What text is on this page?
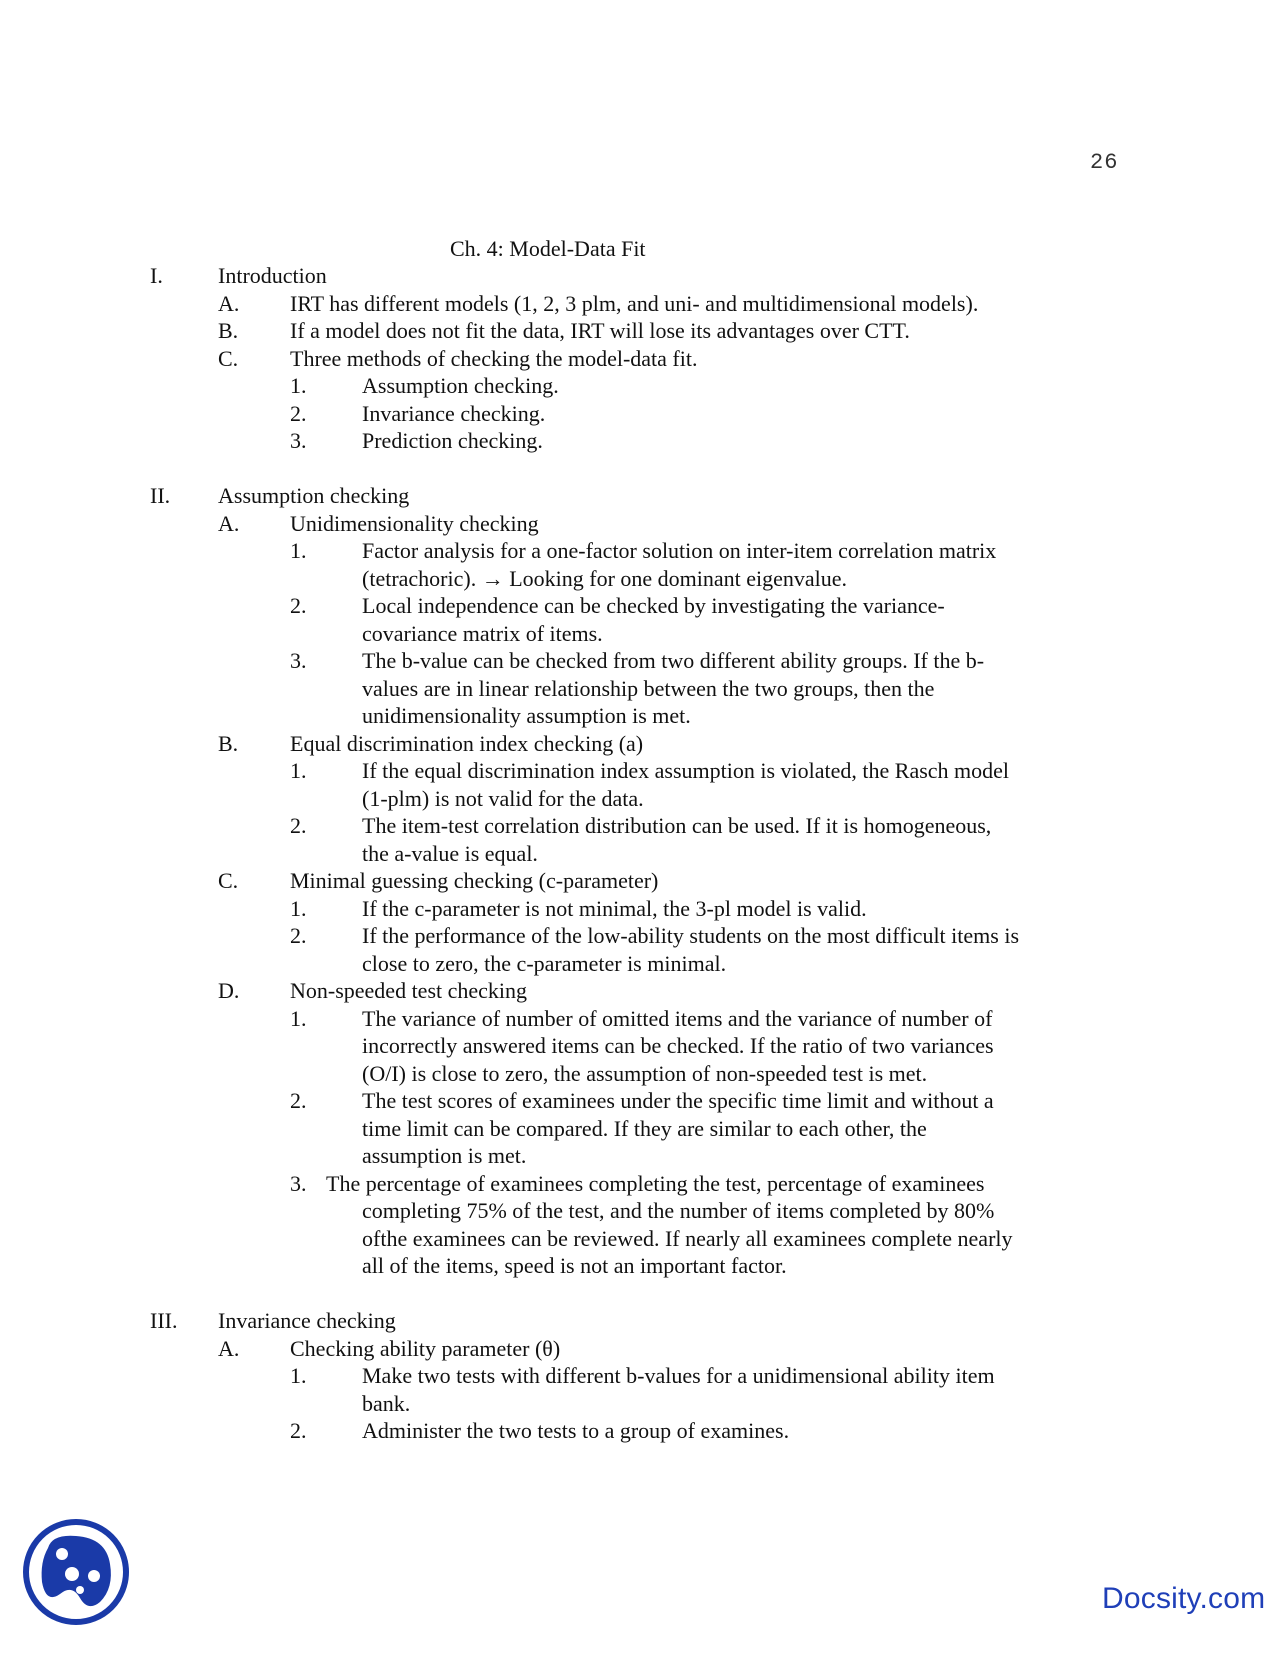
26
Ch. 4: Model-Data Fit
I.	Introduction
A. IRT has different models (1, 2, 3 plm, and uni- and multidimensional models).
B. If a model does not fit the data, IRT will lose its advantages over CTT.
C. Three methods of checking the model-data fit.
1.	Assumption checking.
2.	Invariance checking.
3.	Prediction checking.
II. Assumption checking
A. Unidimensionality checking
1.	Factor analysis for a one-factor solution on inter-item correlation matrix
(tetrachoric). → Looking for one dominant eigenvalue.
2.	Local independence can be checked by investigating the variance-
covariance matrix of items.
3.	The b-value can be checked from two different ability groups. If the b-
values are in linear relationship between the two groups, then the
unidimensionality assumption is met.
B. Equal discrimination index checking (a)
1.	If the equal discrimination index assumption is violated, the Rasch model
(1-plm) is not valid for the data.
2.	The item-test correlation distribution can be used. If it is homogeneous,
the a-value is equal.
C. Minimal guessing checking (c-parameter)
1.	If the c-parameter is not minimal, the 3-pl model is valid.
2.	If the performance of the low-ability students on the most difficult items is
close to zero, the c-parameter is minimal.
D. Non-speeded test checking
1.	The variance of number of omitted items and the variance of number of
incorrectly answered items can be checked. If the ratio of two variances
(O/I) is close to zero, the assumption of non-speeded test is met.
2.	The test scores of examinees under the specific time limit and without a
time limit can be compared. If they are similar to each other, the
assumption is met.
3. The percentage of examinees completing the test, percentage of examinees
completing 75% of the test, and the number of items completed by 80%
ofthe examinees can be reviewed. If nearly all examinees complete nearly
all of the items, speed is not an important factor.
III. Invariance checking
A. Checking ability parameter (θ)
1.	Make two tests with different b-values for a unidimensional ability item
bank.
2.	Administer the two tests to a group of examines.
Docsity.com
